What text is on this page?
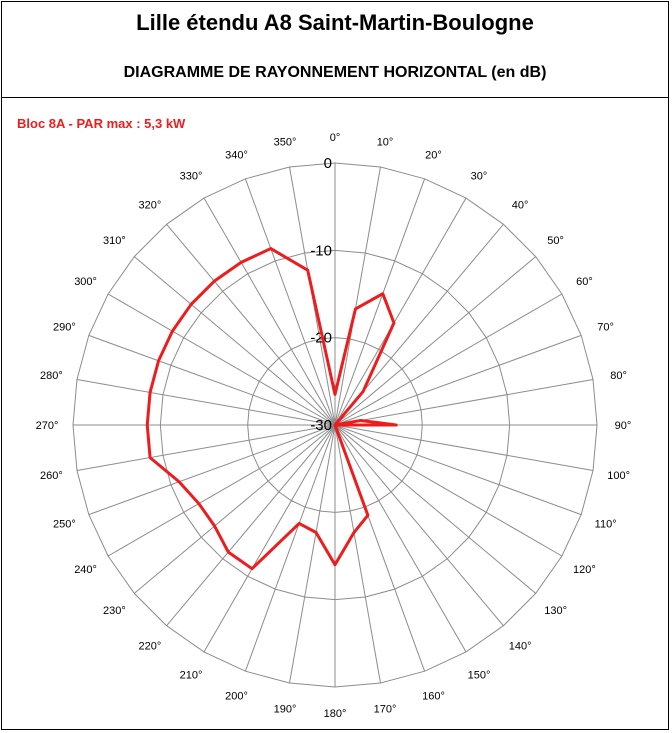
Lille étendu A8 Saint-Martin-Boulogne
DIAGRAMME DE RAYONNEMENT HORIZONTAL (en dB)
Bloc 8A - PAR max : 5,3 kW
0°	10°
20°
30°
40°
50°
60°
70°
80°
90°
100°
110°
120°
130°
140°
150°
160°
170°
180°
190°
200°
210°
220°
230°
240°
250°
260°
270°
280°
290°
300°
310°
320°
330°
340°
350°
0
-10
-20
-30
